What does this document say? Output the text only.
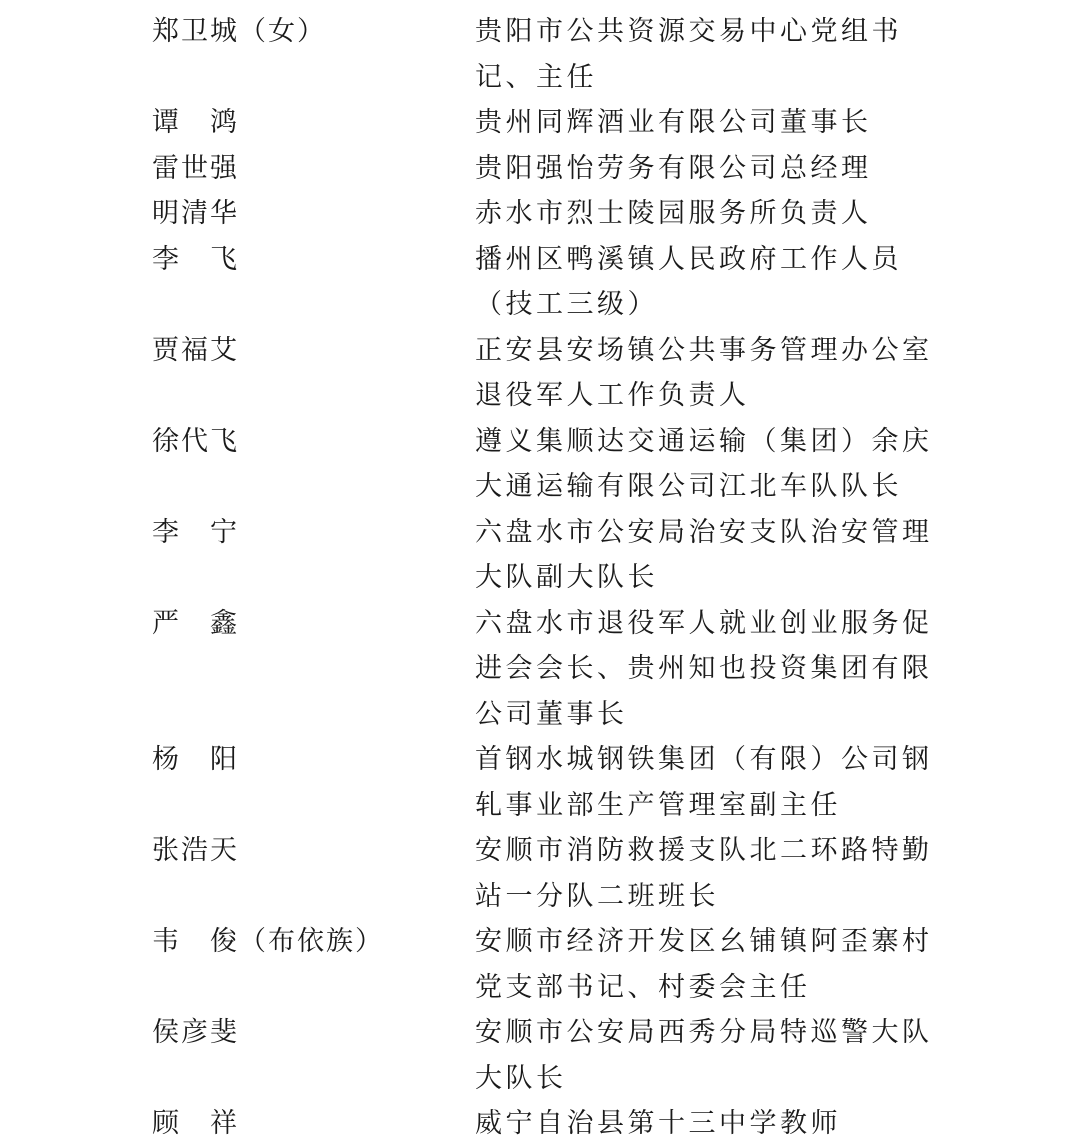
郑卫城（女）	贵阳市公共资源交易中心党组书记、主任
谭　鸿	贵州同辉酒业有限公司董事长
雷世强	贵阳强怡劳务有限公司总经理
明清华	赤水市烈士陵园服务所负责人
李　飞	播州区鸭溪镇人民政府工作人员（技工三级）
贾福艾	正安县安场镇公共事务管理办公室退役军人工作负责人
徐代飞	遵义集顺达交通运输（集团）余庆大通运输有限公司江北车队队长
李　宁	六盘水市公安局治安支队治安管理大队副大队长
严　鑫	六盘水市退役军人就业创业服务促进会会长、贵州知也投资集团有限公司董事长
杨　阳	首钢水城钢铁集团（有限）公司钢轧事业部生产管理室副主任
张浩天	安顺市消防救援支队北二环路特勤站一分队二班班长
韦　俊（布依族）	安顺市经济开发区幺铺镇阿歪寨村党支部书记、村委会主任
侯彦斐	安顺市公安局西秀分局特巡警大队大队长
顾　祥	威宁自治县第十三中学教师
